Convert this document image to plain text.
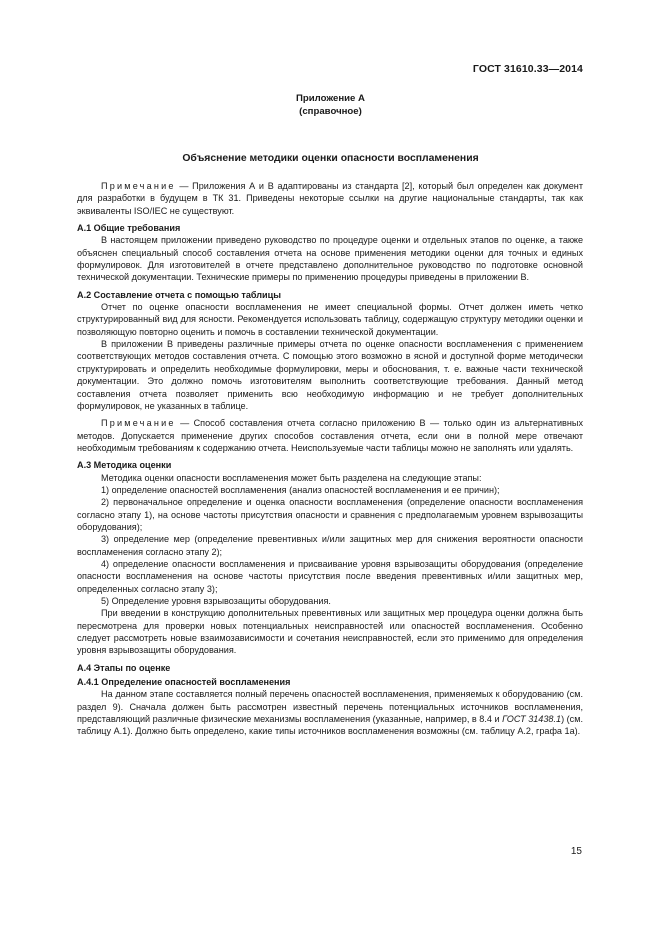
ГОСТ 31610.33—2014
Приложение А
(справочное)
Объяснение методики оценки опасности воспламенения

Примечание — Приложения А и В адаптированы из стандарта [2], который был определен как документ для разработки в будущем в ТК 31. Приведены некоторые ссылки на другие национальные стандарты, так как эквиваленты ISO/IEC не существуют.

А.1 Общие требования

В настоящем приложении приведено руководство по процедуре оценки и отдельных этапов по оценке, а также объяснен специальный способ составления отчета на основе применения методики оценки для точных и единых формулировок. Для изготовителей в отчете представлено дополнительное руководство по подготовке основной технической документации. Технические примеры по применению процедуры приведены в приложении В.

А.2 Составление отчета с помощью таблицы

Отчет по оценке опасности воспламенения не имеет специальной формы. Отчет должен иметь четко структурированный вид для ясности. Рекомендуется использовать таблицу, содержащую структуру методики оценки и позволяющую повторно оценить и помочь в составлении технической документации.

В приложении В приведены различные примеры отчета по оценке опасности воспламенения с применением соответствующих методов составления отчета. С помощью этого возможно в ясной и доступной форме методически структурировать и определить необходимые формулировки, меры и обоснования, т. е. важные части технической документации. Это должно помочь изготовителям выполнить соответствующие требования. Данный метод составления отчета позволяет применить всю необходимую информацию и не требует дополнительных формулировок, не указанных в таблице.

Примечание — Способ составления отчета согласно приложению В — только один из альтернативных методов. Допускается применение других способов составления отчета, если они в полной мере отвечают необходимым требованиям к содержанию отчета. Неиспользуемые части таблицы можно не заполнять или удалять.

А.3 Методика оценки

Методика оценки опасности воспламенения может быть разделена на следующие этапы:

1) определение опасностей воспламенения (анализ опасностей воспламенения и ее причин);

2) первоначальное определение и оценка опасности воспламенения (определение опасности воспламенения согласно этапу 1), на основе частоты присутствия опасности и сравнения с предполагаемым уровнем взрывозащиты оборудования);

3) определение мер (определение превентивных и/или защитных мер для снижения вероятности опасности воспламенения согласно этапу 2);

4) определение опасности воспламенения и присваивание уровня взрывозащиты оборудования (определение опасности воспламенения на основе частоты присутствия после введения превентивных и/или защитных мер, определенных согласно этапу 3);

5) Определение уровня взрывозащиты оборудования.

При введении в конструкцию дополнительных превентивных или защитных мер процедура оценки должна быть пересмотрена для проверки новых потенциальных неисправностей или опасностей воспламенения. Особенно следует рассмотреть новые взаимозависимости и сочетания неисправностей, если это применимо для определения уровня взрывозащиты оборудования.

А.4 Этапы по оценке
А.4.1 Определение опасностей воспламенения

На данном этапе составляется полный перечень опасностей воспламенения, применяемых к оборудованию (см. раздел 9). Сначала должен быть рассмотрен известный перечень потенциальных источников воспламенения, представляющий различные физические механизмы воспламенения (указанные, например, в 8.4 и ГОСТ 31438.1) (см. таблицу А.1). Должно быть определено, какие типы источников воспламенения возможны (см. таблицу А.2, графа 1а).

15
